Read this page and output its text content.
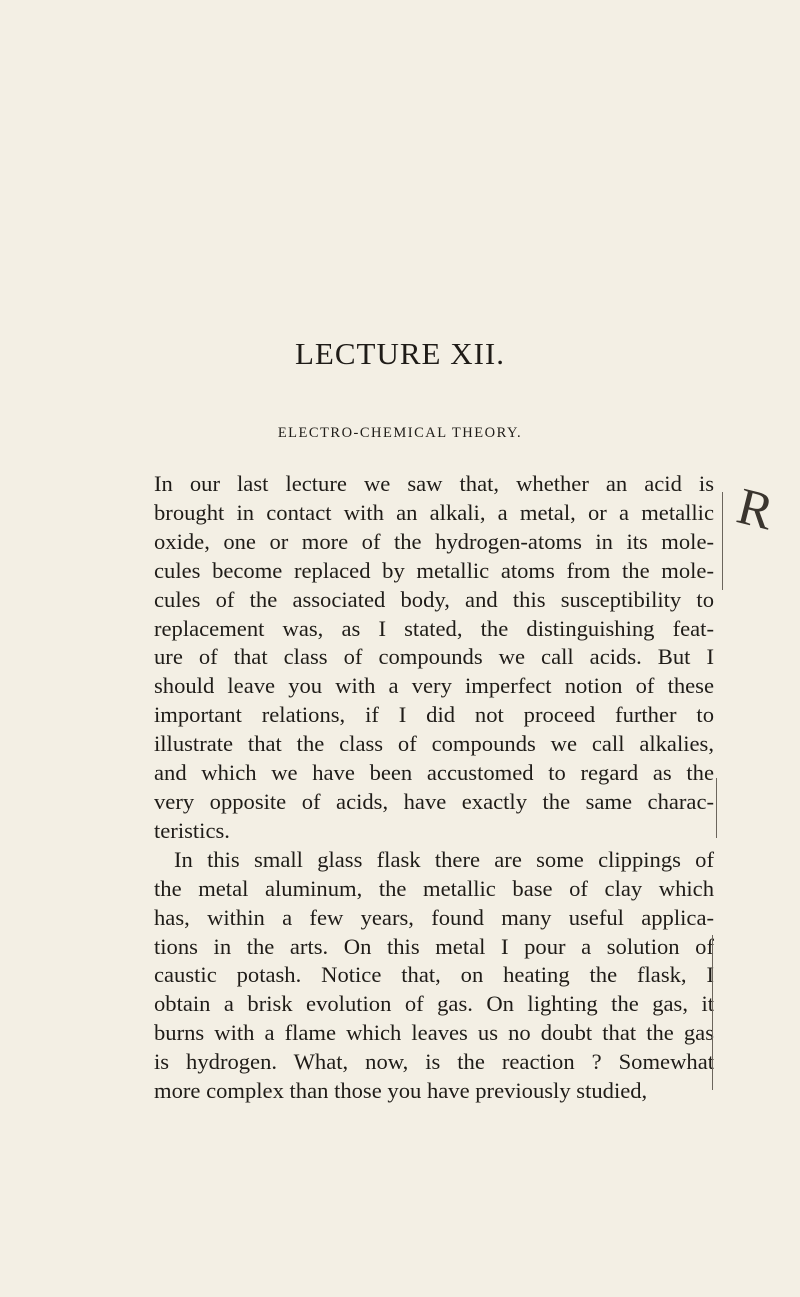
LECTURE XII.
ELECTRO-CHEMICAL THEORY.
In our last lecture we saw that, whether an acid is
brought in contact with an alkali, a metal, or a metallic
oxide, one or more of the hydrogen-atoms in its mole-
cules become replaced by metallic atoms from the mole-
cules of the associated body, and this susceptibility to
replacement was, as I stated, the distinguishing feat-
ure of that class of compounds we call acids. But I
should leave you with a very imperfect notion of these
important relations, if I did not proceed further to
illustrate that the class of compounds we call alkalies,
and which we have been accustomed to regard as the
very opposite of acids, have exactly the same charac-
teristics.
In this small glass flask there are some clippings of
the metal aluminum, the metallic base of clay which
has, within a few years, found many useful applica-
tions in the arts. On this metal I pour a solution of
caustic potash. Notice that, on heating the flask, I
obtain a brisk evolution of gas. On lighting the gas, it
burns with a flame which leaves us no doubt that the gas
is hydrogen. What, now, is the reaction ? Somewhat
more complex than those you have previously studied,
R
